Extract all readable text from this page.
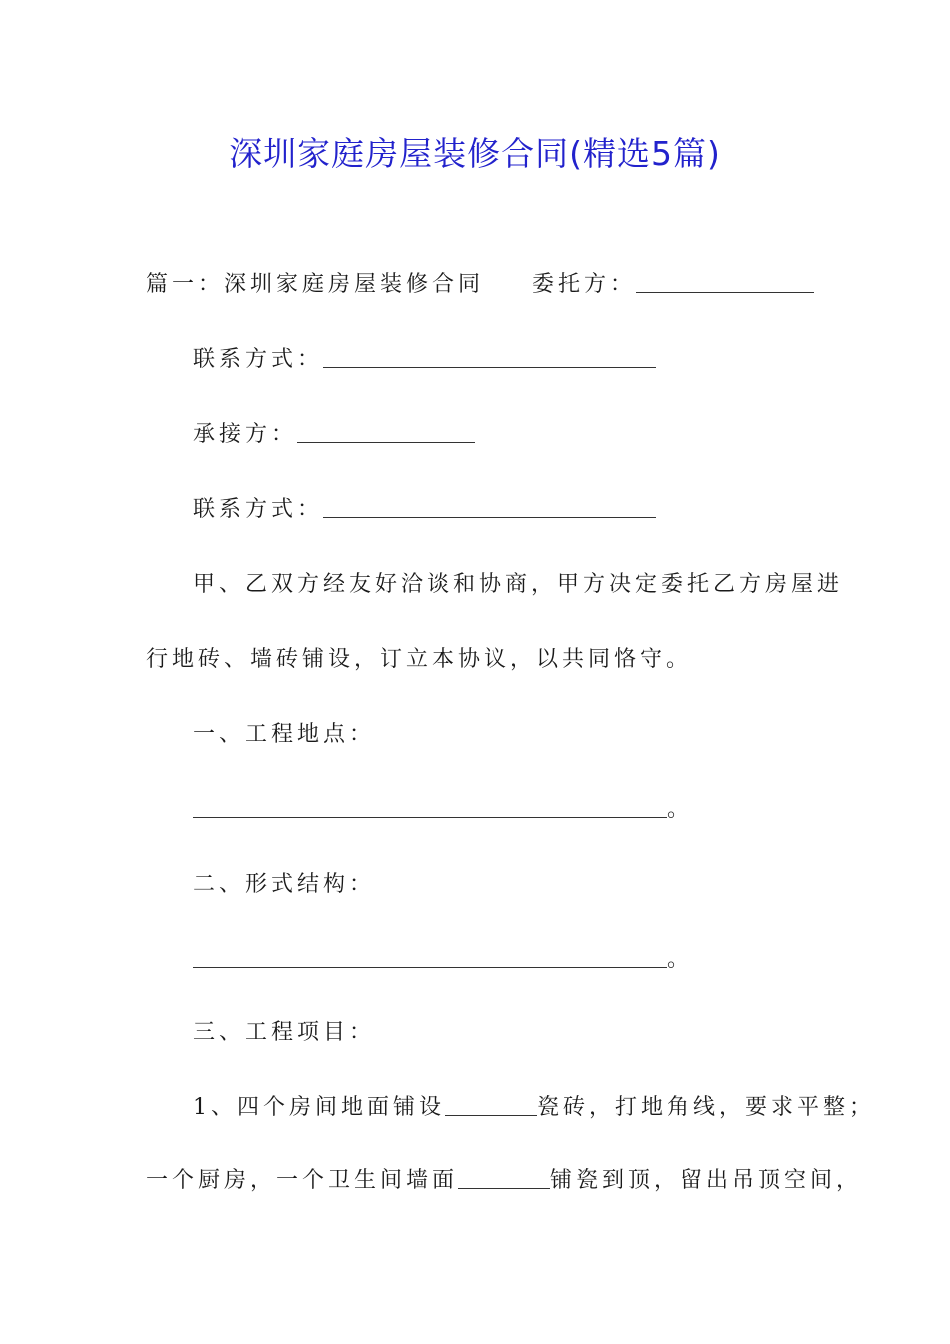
深圳家庭房屋装修合同(精选5篇)
篇一：深圳家庭房屋装修合同 委托方：
联系方式：
承接方：
联系方式：
甲、乙双方经友好洽谈和协商，甲方决定委托乙方房屋进
行地砖、墙砖铺设，订立本协议，以共同恪守。
一、工程地点：
。
二、形式结构：
。
三、工程项目：
1、四个房间地面铺设	瓷砖，打地角线，要求平整；
一个厨房，一个卫生间墙面	铺瓷到顶，留出吊顶空间，
